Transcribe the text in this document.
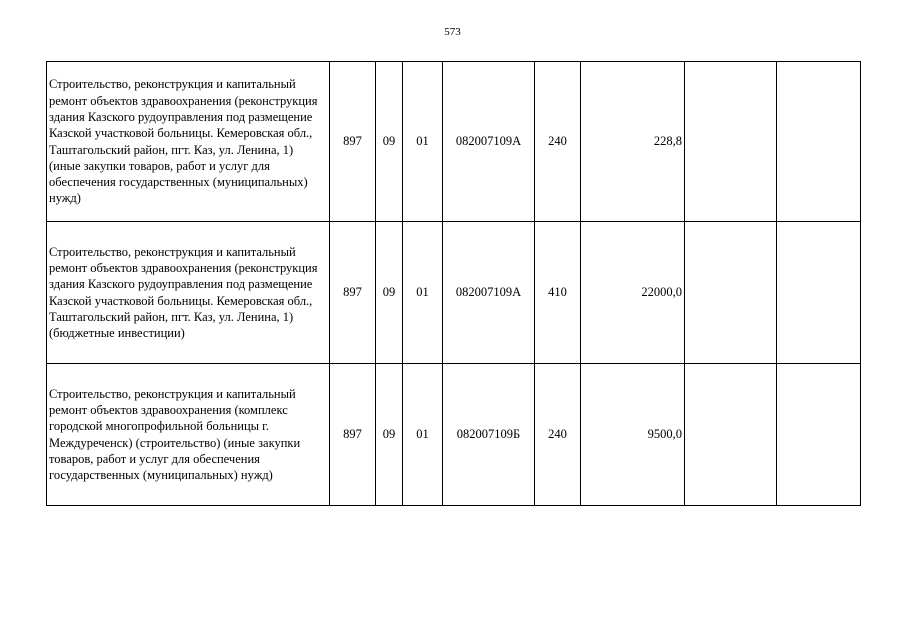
573
Строительство, реконструкция и капитальный ремонт объектов здравоохранения (реконструкция здания Казского рудоуправления под размещение Казской участковой больницы. Кемеровская обл., Таштагольский район, пгт. Каз, ул. Ленина, 1) (иные закупки товаров, работ и услуг для обеспечения государственных (муниципальных) нужд)	897	09	01	082007109А	240	228,8		
Строительство, реконструкция и капитальный ремонт объектов здравоохранения (реконструкция здания Казского рудоуправления под размещение Казской участковой больницы. Кемеровская обл., Таштагольский район, пгт. Каз, ул. Ленина, 1) (бюджетные инвестиции)	897	09	01	082007109А	410	22000,0		
Строительство, реконструкция и капитальный ремонт объектов здравоохранения (комплекс городской многопрофильной больницы г. Междуреченск) (строительство) (иные закупки товаров, работ и услуг для обеспечения государственных (муниципальных) нужд)	897	09	01	082007109Б	240	9500,0		
